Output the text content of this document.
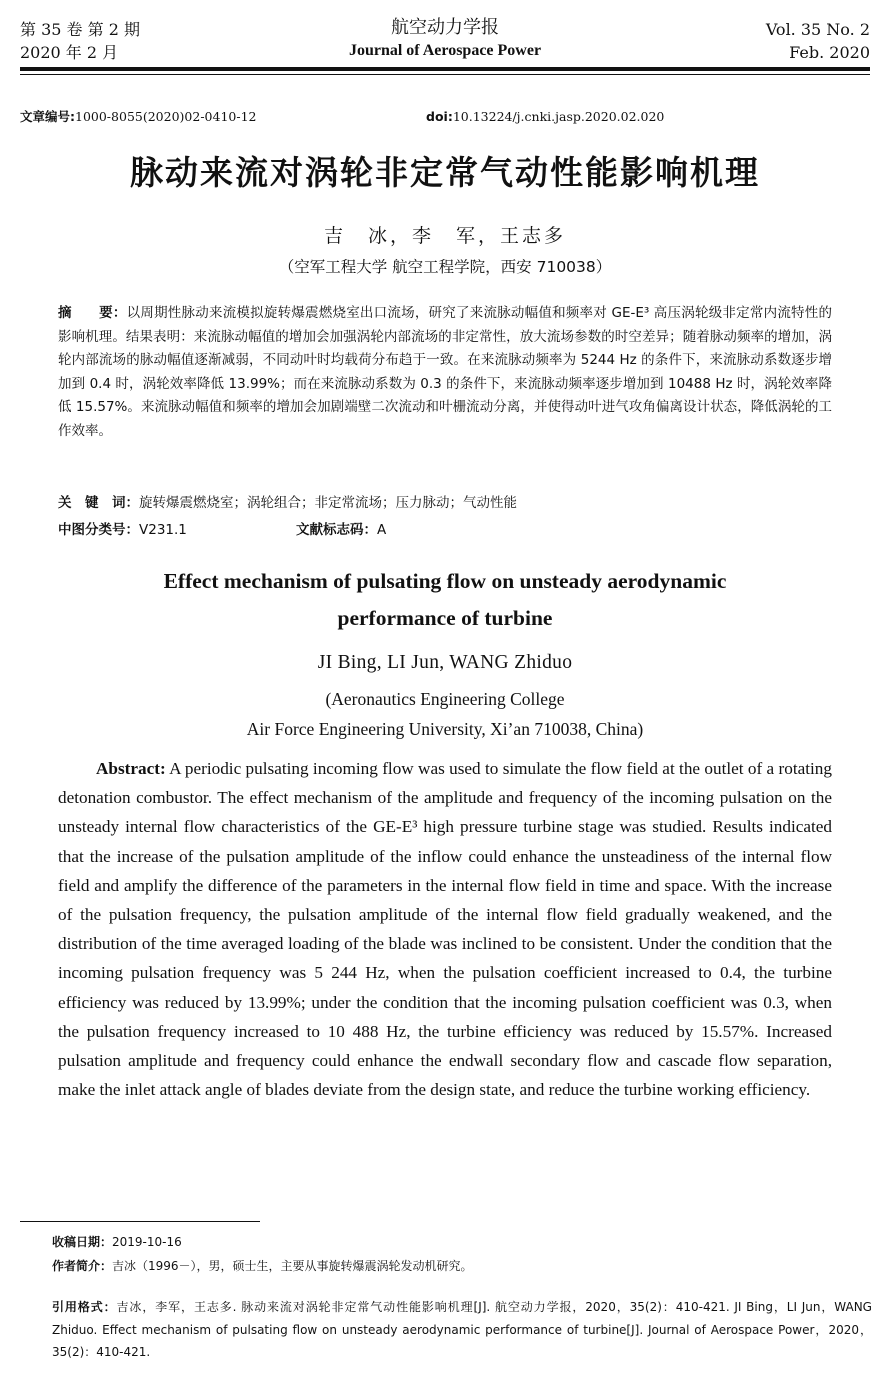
第 35 卷 第 2 期
2020 年 2 月
航空动力学报
Journal of Aerospace Power
Vol. 35 No. 2
Feb. 2020
文章编号:1000-8055(2020)02-0410-12	doi:10.13224/j.cnki.jasp.2020.02.020
脉动来流对涡轮非定常气动性能影响机理
吉　冰，李　军，王志多
（空军工程大学 航空工程学院，西安 710038）
摘　　要：以周期性脉动来流模拟旋转爆震燃烧室出口流场，研究了来流脉动幅值和频率对 GE-E³ 高压涡轮级非定常内流特性的影响机理。结果表明：来流脉动幅值的增加会加强涡轮内部流场的非定常性，放大流场参数的时空差异；随着脉动频率的增加，涡轮内部流场的脉动幅值逐渐减弱，不同动叶时均载荷分布趋于一致。在来流脉动频率为 5244 Hz 的条件下，来流脉动系数逐步增加到 0.4 时，涡轮效率降低 13.99%；而在来流脉动系数为 0.3 的条件下，来流脉动频率逐步增加到 10488 Hz 时，涡轮效率降低 15.57%。来流脉动幅值和频率的增加会加剧端壁二次流动和叶栅流动分离，并使得动叶进气攻角偏离设计状态，降低涡轮的工作效率。
关　键　词：旋转爆震燃烧室；涡轮组合；非定常流场；压力脉动；气动性能
中图分类号：V231.1	文献标志码：A
Effect mechanism of pulsating flow on unsteady aerodynamic
performance of turbine
JI Bing, LI Jun, WANG Zhiduo
(Aeronautics Engineering College
Air Force Engineering University, Xi’an 710038, China)
Abstract: A periodic pulsating incoming flow was used to simulate the flow field at the outlet of a rotating detonation combustor. The effect mechanism of the amplitude and frequency of the incoming pulsation on the unsteady internal flow characteristics of the GE-E³ high pressure turbine stage was studied. Results indicated that the increase of the pulsation amplitude of the inflow could enhance the unsteadiness of the internal flow field and amplify the difference of the parameters in the internal flow field in time and space. With the increase of the pulsation frequency, the pulsation amplitude of the internal flow field gradually weakened, and the distribution of the time averaged loading of the blade was inclined to be consistent. Under the condition that the incoming pulsation frequency was 5 244 Hz, when the pulsation coefficient increased to 0.4, the turbine efficiency was reduced by 13.99%; under the condition that the incoming pulsation coefficient was 0.3, when the pulsation frequency increased to 10 488 Hz, the turbine efficiency was reduced by 15.57%. Increased pulsation amplitude and frequency could enhance the endwall secondary flow and cascade flow separation, make the inlet attack angle of blades deviate from the design state, and reduce the turbine working efficiency.
收稿日期：2019-10-16
作者简介：吉冰（1996－），男，硕士生，主要从事旋转爆震涡轮发动机研究。
引用格式：吉冰，李军，王志多. 脉动来流对涡轮非定常气动性能影响机理[J]. 航空动力学报，2020，35(2)：410-421. JI Bing，LI Jun，WANG Zhiduo. Effect mechanism of pulsating flow on unsteady aerodynamic performance of turbine[J]. Journal of Aerospace Power，2020，35(2)：410-421.
